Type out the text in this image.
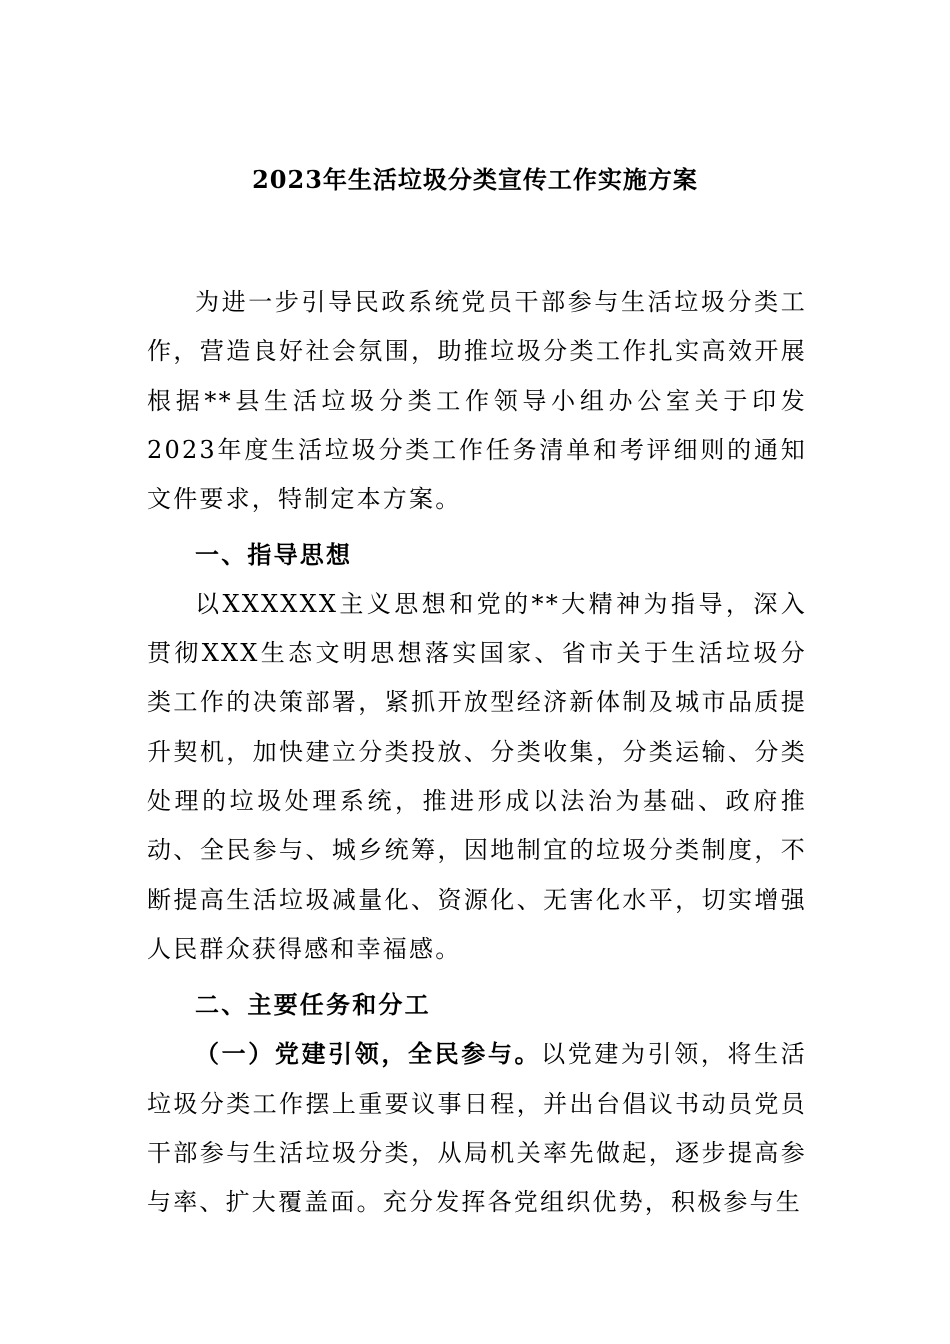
2023年生活垃圾分类宣传工作实施方案

为进一步引导民政系统党员干部参与生活垃圾分类工作，营造良好社会氛围，助推垃圾分类工作扎实高效开展根据**县生活垃圾分类工作领导小组办公室关于印发2023年度生活垃圾分类工作任务清单和考评细则的通知文件要求，特制定本方案。

一、指导思想

以XXXXXX主义思想和党的**大精神为指导，深入贯彻XXX生态文明思想落实国家、省市关于生活垃圾分类工作的决策部署，紧抓开放型经济新体制及城市品质提升契机，加快建立分类投放、分类收集，分类运输、分类处理的垃圾处理系统，推进形成以法治为基础、政府推动、全民参与、城乡统筹，因地制宜的垃圾分类制度，不断提高生活垃圾减量化、资源化、无害化水平，切实增强人民群众获得感和幸福感。

二、主要任务和分工

（一）党建引领，全民参与。以党建为引领，将生活垃圾分类工作摆上重要议事日程，并出台倡议书动员党员干部参与生活垃圾分类，从局机关率先做起，逐步提高参与率、扩大覆盖面。充分发挥各党组织优势，积极参与生
